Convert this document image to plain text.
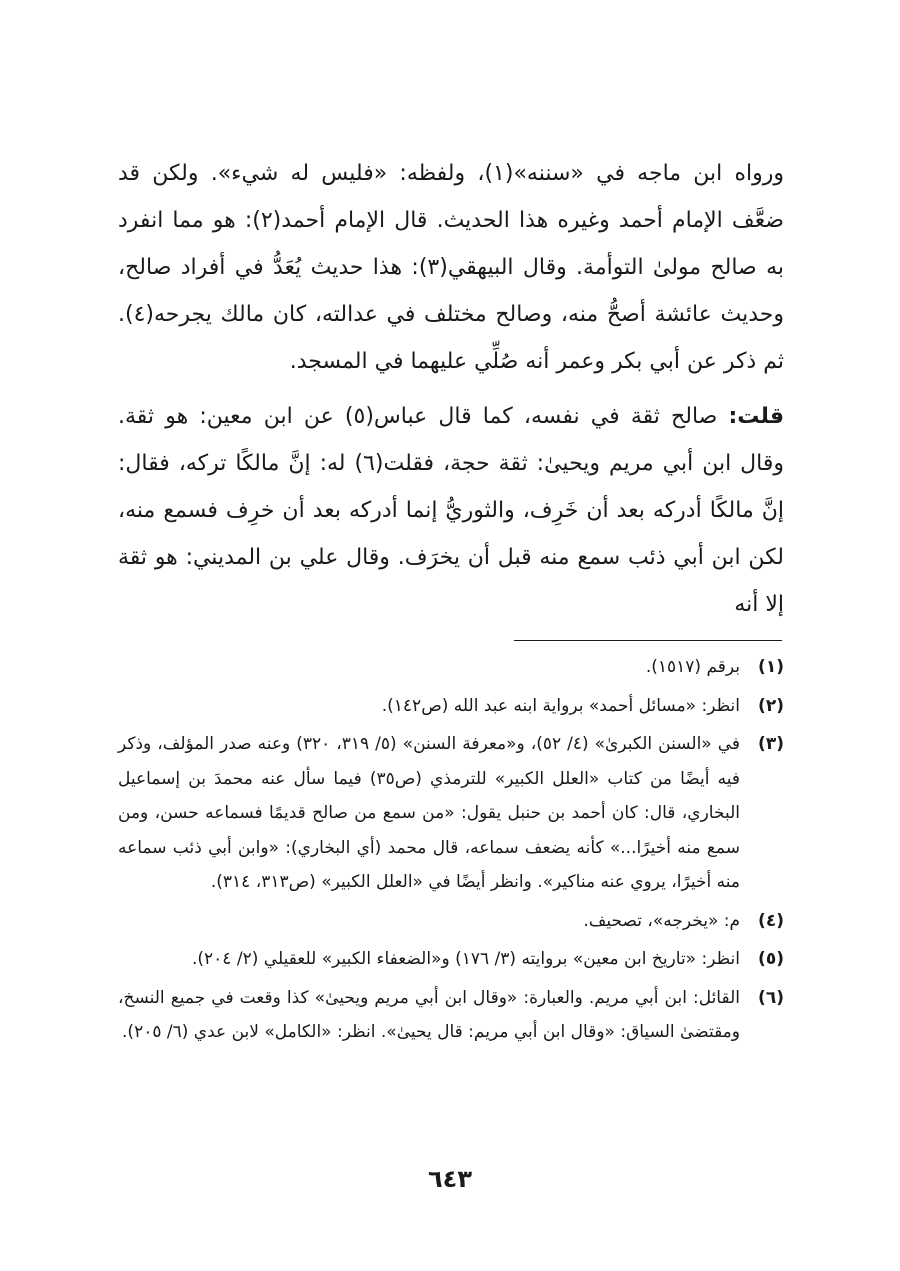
ورواه ابن ماجه في «سننه»(١)، ولفظه: «فليس له شيء». ولكن قد ضعَّف الإمام أحمد وغيره هذا الحديث. قال الإمام أحمد(٢): هو مما انفرد به صالح مولىٰ التوأمة. وقال البيهقي(٣): هذا حديث يُعَدُّ في أفراد صالح، وحديث عائشة أصحُّ منه، وصالح مختلف في عدالته، كان مالك يجرحه(٤). ثم ذكر عن أبي بكر وعمر أنه صُلِّي عليهما في المسجد.

قلت: صالح ثقة في نفسه، كما قال عباس(٥) عن ابن معين: هو ثقة. وقال ابن أبي مريم ويحيىٰ: ثقة حجة، فقلت(٦) له: إنَّ مالكًا تركه، فقال: إنَّ مالكًا أدركه بعد أن خَرِف، والثوريُّ إنما أدركه بعد أن خرِف فسمع منه، لكن ابن أبي ذئب سمع منه قبل أن يخرَف. وقال علي بن المديني: هو ثقة إلا أنه

(١)
برقم (١٥١٧).
(٢)
انظر: «مسائل أحمد» برواية ابنه عبد الله (ص١٤٢).
(٣)
في «السنن الكبرىٰ» (٤/ ٥٢)، و«معرفة السنن» (٥/ ٣١٩، ٣٢٠) وعنه صدر المؤلف، وذكر فيه أيضًا من كتاب «العلل الكبير» للترمذي (ص٣٥) فيما سأل عنه محمدَ بن إسماعيل البخاري، قال: كان أحمد بن حنبل يقول: «من سمع من صالح قديمًا فسماعه حسن، ومن سمع منه أخيرًا...» كأنه يضعف سماعه، قال محمد (أي البخاري): «وابن أبي ذئب سماعه منه أخيرًا، يروي عنه مناكير». وانظر أيضًا في «العلل الكبير» (ص٣١٣، ٣١٤).
(٤)
م: «يخرجه»، تصحيف.
(٥)
انظر: «تاريخ ابن معين» بروايته (٣/ ١٧٦) و«الضعفاء الكبير» للعقيلي (٢/ ٢٠٤).
(٦)
القائل: ابن أبي مريم. والعبارة: «وقال ابن أبي مريم ويحيىٰ» كذا وقعت في جميع النسخ، ومقتضىٰ السياق: «وقال ابن أبي مريم: قال يحيىٰ». انظر: «الكامل» لابن عدي (٦/ ٢٠٥).
٦٤٣
